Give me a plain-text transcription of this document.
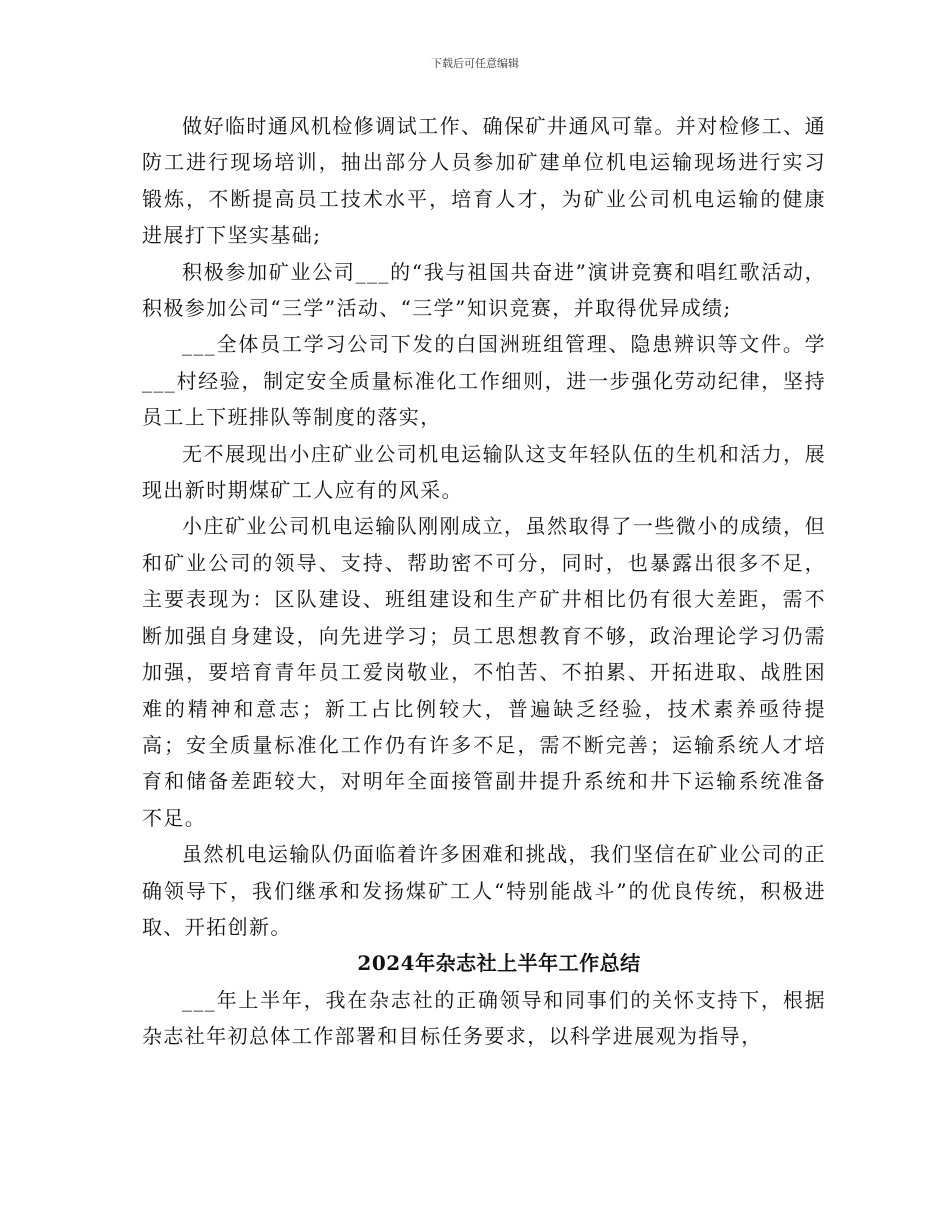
下载后可任意编辑

做好临时通风机检修调试工作、确保矿井通风可靠。并对检修工、通防工进行现场培训，抽出部分人员参加矿建单位机电运输现场进行实习锻炼，不断提高员工技术水平，培育人才，为矿业公司机电运输的健康进展打下坚实基础;

积极参加矿业公司___的“我与祖国共奋进”演讲竞赛和唱红歌活动，积极参加公司“三学”活动、“三学”知识竞赛，并取得优异成绩;

___全体员工学习公司下发的白国洲班组管理、隐患辨识等文件。学___村经验，制定安全质量标准化工作细则，进一步强化劳动纪律，坚持员工上下班排队等制度的落实，

无不展现出小庄矿业公司机电运输队这支年轻队伍的生机和活力，展现出新时期煤矿工人应有的风采。

小庄矿业公司机电运输队刚刚成立，虽然取得了一些微小的成绩，但和矿业公司的领导、支持、帮助密不可分，同时，也暴露出很多不足，主要表现为：区队建设、班组建设和生产矿井相比仍有很大差距，需不断加强自身建设，向先进学习；员工思想教育不够，政治理论学习仍需加强，要培育青年员工爱岗敬业，不怕苦、不拍累、开拓进取、战胜困难的精神和意志；新工占比例较大，普遍缺乏经验，技术素养亟待提高；安全质量标准化工作仍有许多不足，需不断完善；运输系统人才培育和储备差距较大，对明年全面接管副井提升系统和井下运输系统准备不足。

虽然机电运输队仍面临着许多困难和挑战，我们坚信在矿业公司的正确领导下，我们继承和发扬煤矿工人“特别能战斗”的优良传统，积极进取、开拓创新。

2024年杂志社上半年工作总结

___年上半年，我在杂志社的正确领导和同事们的关怀支持下，根据杂志社年初总体工作部署和目标任务要求，以科学进展观为指导，
